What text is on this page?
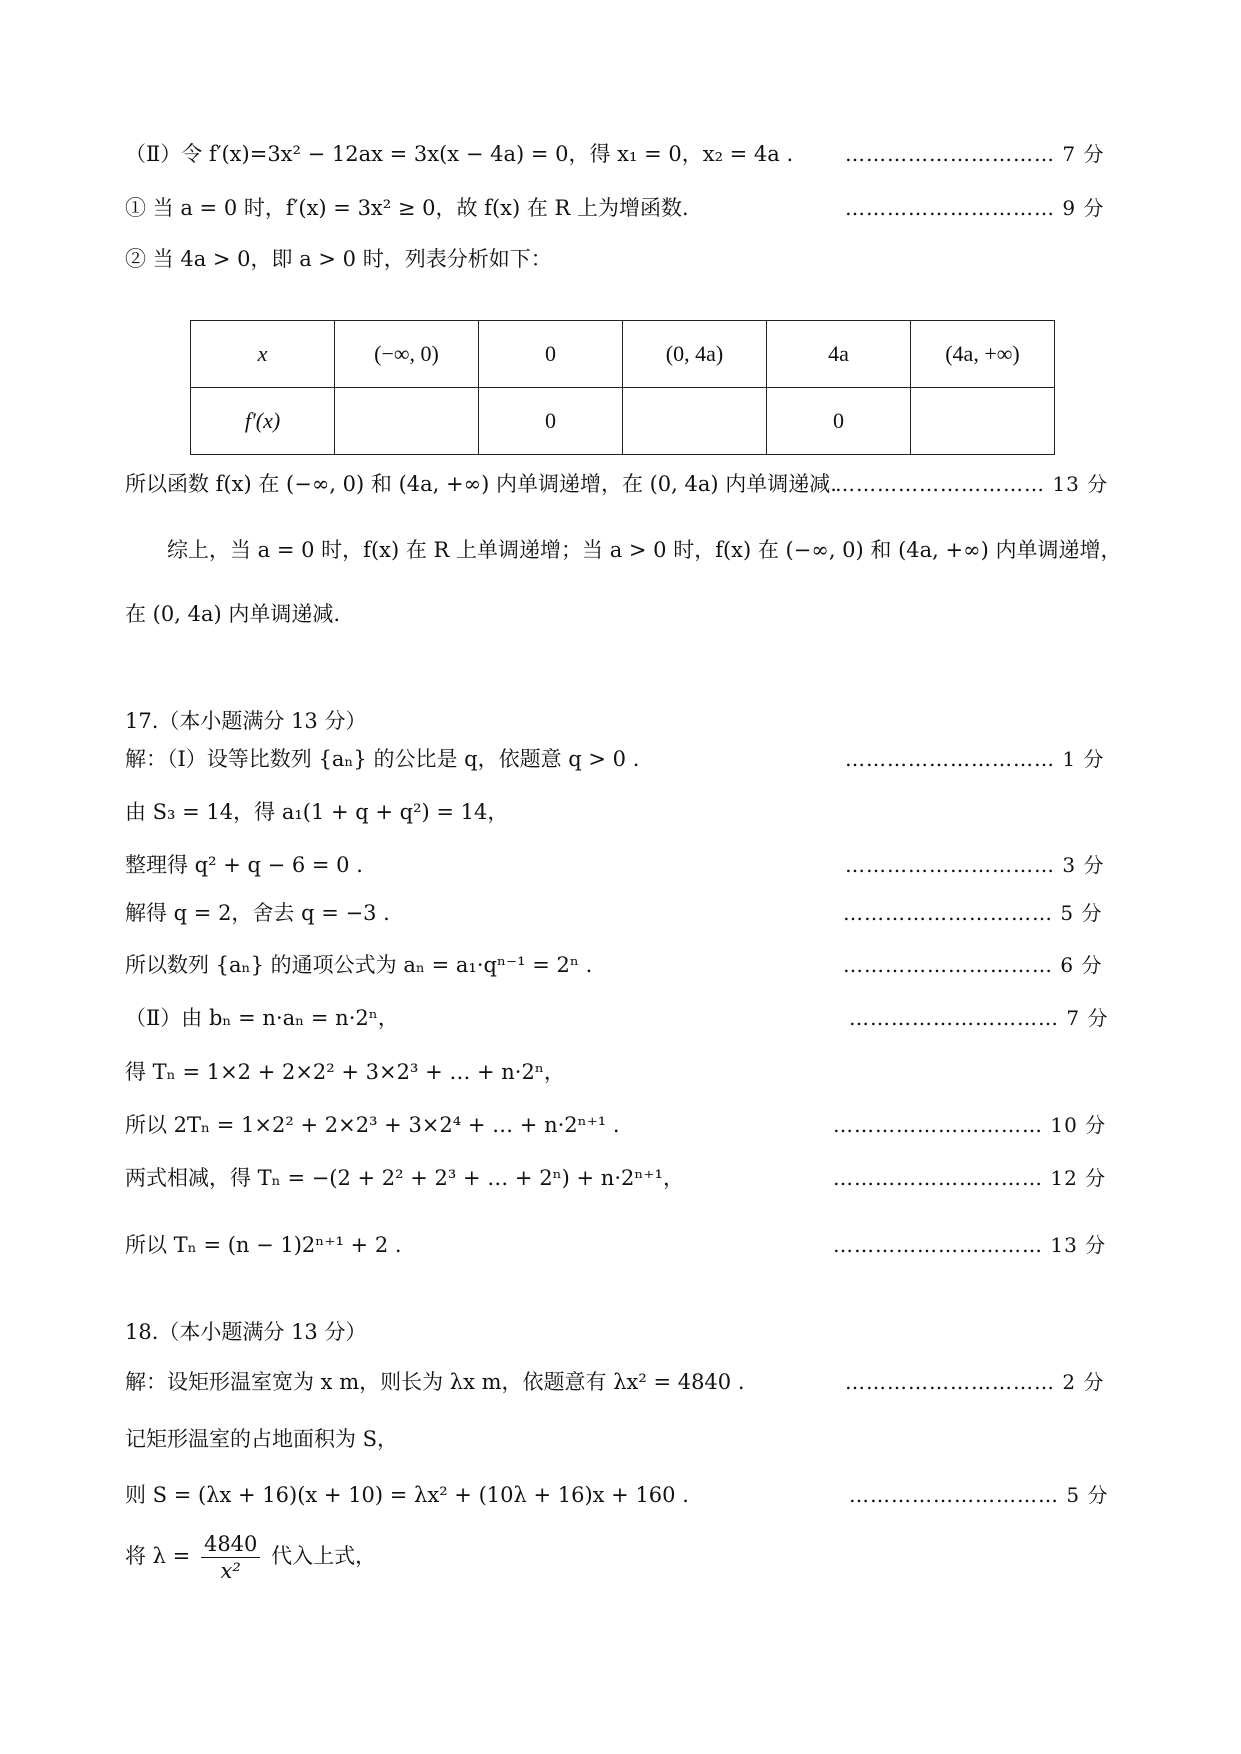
（Ⅱ）令 f′(x)=3x² − 12ax = 3x(x − 4a) = 0，得 x₁ = 0，x₂ = 4a .	………………………… 7 分
① 当 a = 0 时，f′(x) = 3x² ≥ 0，故 f(x) 在 R 上为增函数.	………………………… 9 分
② 当 4a > 0，即 a > 0 时，列表分析如下：
x	(−∞, 0)	0	(0, 4a)	4a	(4a, +∞)
f′(x)		0		0	
所以函数 f(x) 在 (−∞, 0) 和 (4a, +∞) 内单调递增，在 (0, 4a) 内单调递减.
………………………… 13 分
综上，当 a = 0 时，f(x) 在 R 上单调递增；当 a > 0 时，f(x) 在 (−∞, 0) 和 (4a, +∞) 内单调递增，
在 (0, 4a) 内单调递减.
17.（本小题满分 13 分）
解：（Ⅰ）设等比数列 {aₙ} 的公比是 q，依题意 q > 0 .	………………………… 1 分
由 S₃ = 14，得 a₁(1 + q + q²) = 14，
整理得 q² + q − 6 = 0 .	………………………… 3 分
解得 q = 2，舍去 q = −3 .	………………………… 5 分
所以数列 {aₙ} 的通项公式为 aₙ = a₁·qⁿ⁻¹ = 2ⁿ .	………………………… 6 分
（Ⅱ）由 bₙ = n·aₙ = n·2ⁿ，	………………………… 7 分
得 Tₙ = 1×2 + 2×2² + 3×2³ + … + n·2ⁿ，
所以 2Tₙ = 1×2² + 2×2³ + 3×2⁴ + … + n·2ⁿ⁺¹ .	………………………… 10 分
两式相减，得 Tₙ = −(2 + 2² + 2³ + … + 2ⁿ) + n·2ⁿ⁺¹，	………………………… 12 分
所以 Tₙ = (n − 1)2ⁿ⁺¹ + 2 .	………………………… 13 分
18.（本小题满分 13 分）
解：设矩形温室宽为 x m，则长为 λx m，依题意有 λx² = 4840 .	………………………… 2 分
记矩形温室的占地面积为 S，
则 S = (λx + 16)(x + 10) = λx² + (10λ + 16)x + 160 .	………………………… 5 分
将 $\lambda = \frac{4840}{\text{x²}}$ 代入上式，
